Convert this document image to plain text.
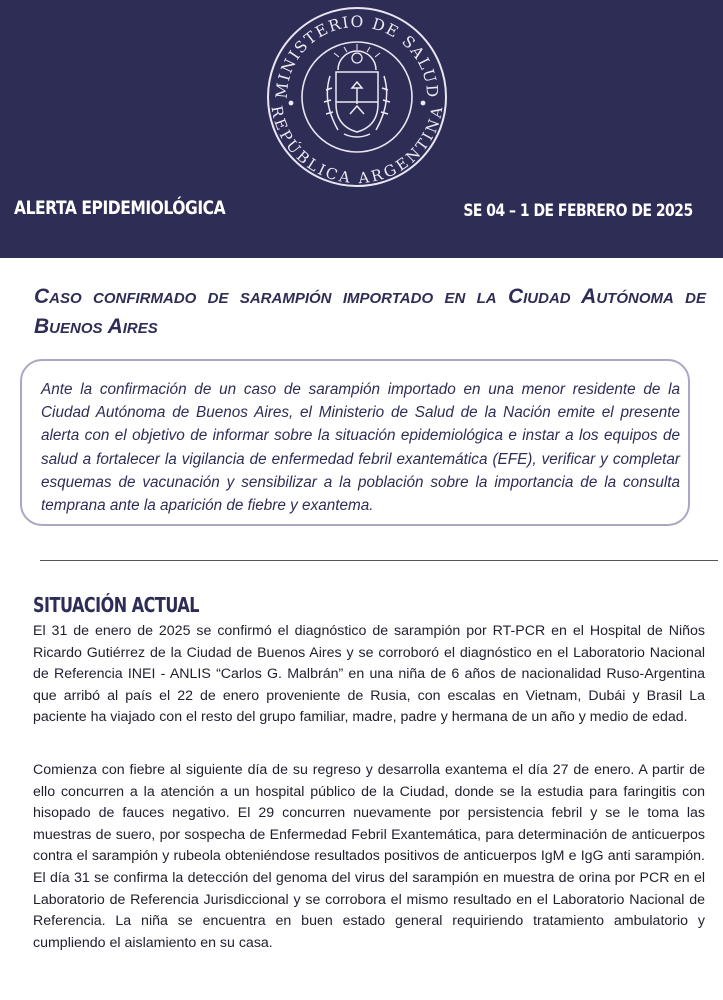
MINISTERIO DE SALUD
REPÚBLICA ARGENTINA
ALERTA EPIDEMIOLÓGICA	SE 04 – 1 DE FEBRERO DE 2025
Caso confirmado de sarampión importado en la Ciudad Autónoma de Buenos Aires

Ante la confirmación de un caso de sarampión importado en una menor residente de la Ciudad Autónoma de Buenos Aires, el Ministerio de Salud de la Nación emite el presente alerta con el objetivo de informar sobre la situación epidemiológica e instar a los equipos de salud a fortalecer la vigilancia de enfermedad febril exantemática (EFE), verificar y completar esquemas de vacunación y sensibilizar a la población sobre la importancia de la consulta temprana ante la aparición de fiebre y exantema.

SITUACIÓN ACTUAL

El 31 de enero de 2025 se confirmó el diagnóstico de sarampión por RT-PCR en el Hospital de Niños Ricardo Gutiérrez de la Ciudad de Buenos Aires y se corroboró el diagnóstico en el Laboratorio Nacional de Referencia INEI - ANLIS “Carlos G. Malbrán” en una niña de 6 años de nacionalidad Ruso-Argentina que arribó al país el 22 de enero proveniente de Rusia, con escalas en Vietnam, Dubái y Brasil La paciente ha viajado con el resto del grupo familiar, madre, padre y hermana de un año y medio de edad.

Comienza con fiebre al siguiente día de su regreso y desarrolla exantema el día 27 de enero. A partir de ello concurren a la atención a un hospital público de la Ciudad, donde se la estudia para faringitis con hisopado de fauces negativo. El 29 concurren nuevamente por persistencia febril y se le toma las muestras de suero, por sospecha de Enfermedad Febril Exantemática, para determinación de anticuerpos contra el sarampión y rubeola obteniéndose resultados positivos de anticuerpos IgM e IgG anti sarampión. El día 31 se confirma la detección del genoma del virus del sarampión en muestra de orina por PCR en el Laboratorio de Referencia Jurisdiccional y se corrobora el mismo resultado en el Laboratorio Nacional de Referencia. La niña se encuentra en buen estado general requiriendo tratamiento ambulatorio y cumpliendo el aislamiento en su casa.
